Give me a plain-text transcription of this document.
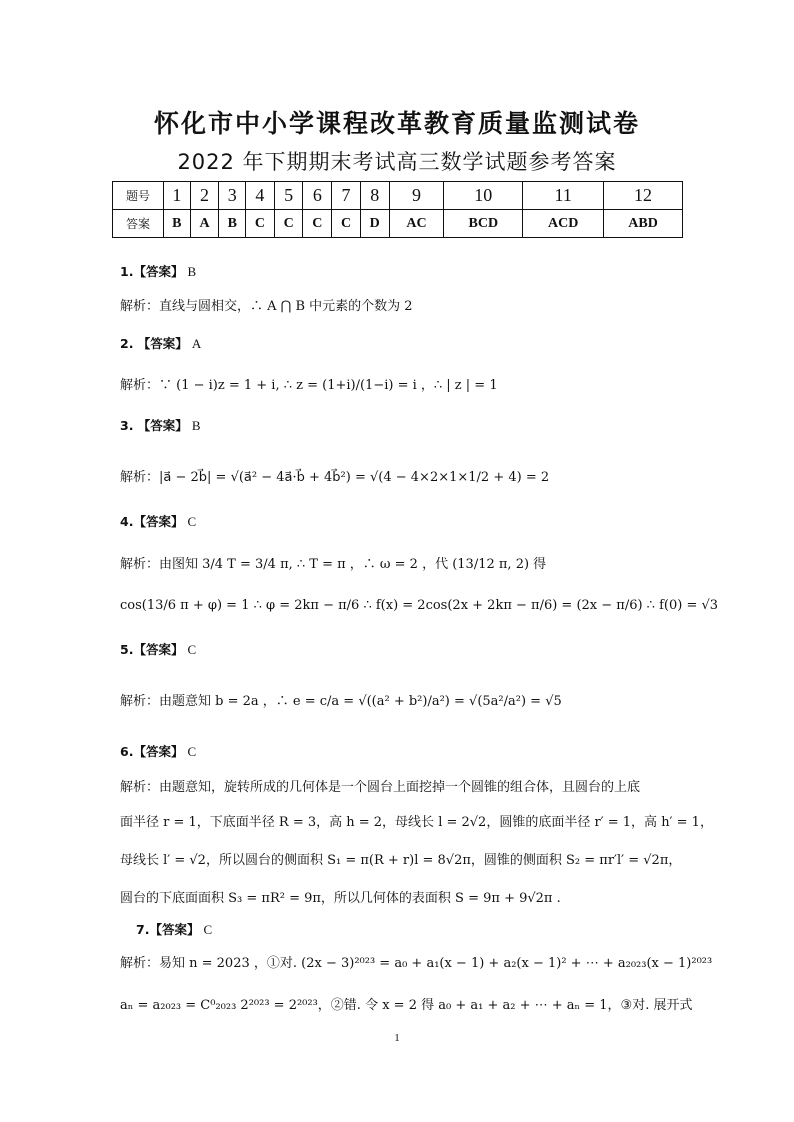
怀化市中小学课程改革教育质量监测试卷
2022 年下期期末考试高三数学试题参考答案
题号	1	2	3	4	5	6	7	8	9	10	11	12
答案	B	A	B	C	C	C	C	D	AC	BCD	ACD	ABD
1.【答案】 B
解析：直线与圆相交，∴ A ⋂ B 中元素的个数为 2
2. 【答案】 A
解析：∵ (1 − i)z = 1 + i, ∴ z = (1+i)/(1−i) = i ，∴ | z | = 1
3. 【答案】 B
解析：|a⃗ − 2b⃗| = √(a⃗² − 4a⃗·b⃗ + 4b⃗²) = √(4 − 4×2×1×1/2 + 4) = 2
4.【答案】 C
解析：由图知 3/4 T = 3/4 π, ∴ T = π ，∴ ω = 2 ，代 (13/12 π, 2) 得
cos(13/6 π + φ) = 1 ∴ φ = 2kπ − π/6 ∴ f(x) = 2cos(2x + 2kπ − π/6) = (2x − π/6) ∴ f(0) = √3
5.【答案】 C
解析：由题意知 b = 2a ，∴ e = c/a = √((a² + b²)/a²) = √(5a²/a²) = √5
6.【答案】 C
解析：由题意知，旋转所成的几何体是一个圆台上面挖掉一个圆锥的组合体，且圆台的上底
面半径 r = 1，下底面半径 R = 3，高 h = 2，母线长 l = 2√2，圆锥的底面半径 r′ = 1，高 h′ = 1，
母线长 l′ = √2，所以圆台的侧面积 S₁ = π(R + r)l = 8√2π，圆锥的侧面积 S₂ = πr′l′ = √2π，
圆台的下底面面积 S₃ = πR² = 9π，所以几何体的表面积 S = 9π + 9√2π .
7.【答案】 C
解析：易知 n = 2023 ，①对. (2x − 3)²⁰²³ = a₀ + a₁(x − 1) + a₂(x − 1)² + ⋯ + a₂₀₂₃(x − 1)²⁰²³
aₙ = a₂₀₂₃ = C⁰₂₀₂₃ 2²⁰²³ = 2²⁰²³，②错. 令 x = 2 得 a₀ + a₁ + a₂ + ⋯ + aₙ = 1，③对. 展开式
1
